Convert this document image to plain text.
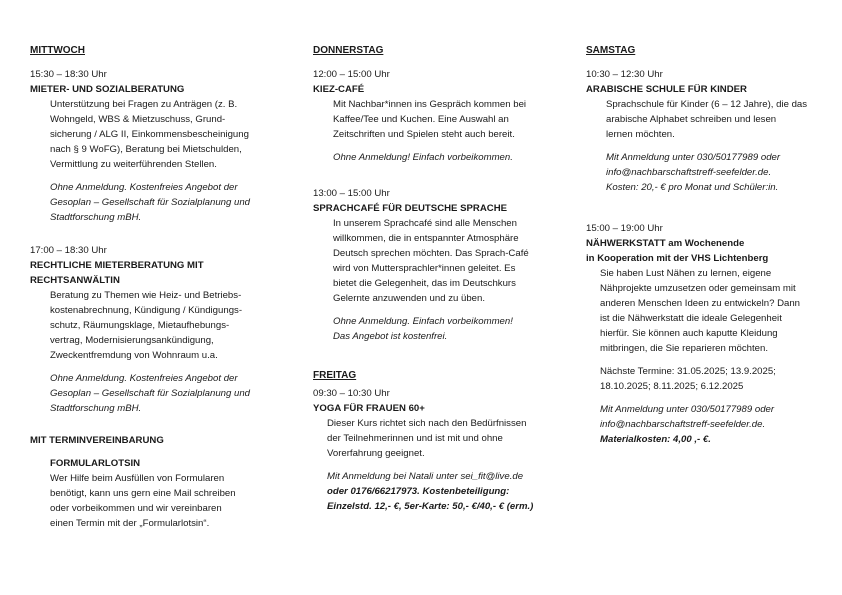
MITTWOCH

15:30 – 18:30 Uhr

MIETER- UND SOZIALBERATUNG

Unterstützung bei Fragen zu Anträgen (z. B.

Wohngeld, WBS & Mietzuschuss, Grund-

sicherung / ALG II, Einkommensbescheinigung

nach § 9 WoFG), Beratung bei Mietschulden,

Vermittlung zu weiterführenden Stellen.

Ohne Anmeldung. Kostenfreies Angebot der

Gesoplan – Gesellschaft für Sozialplanung und

Stadtforschung mBH.

17:00 – 18:30 Uhr

RECHTLICHE MIETERBERATUNG MIT

RECHTSANWÄLTIN

Beratung zu Themen wie Heiz- und Betriebs-

kostenabrechnung, Kündigung / Kündigungs-

schutz, Räumungsklage, Mietaufhebungs-

vertrag, Modernisierungsankündigung,

Zweckentfremdung von Wohnraum u.a.

Ohne Anmeldung. Kostenfreies Angebot der

Gesoplan – Gesellschaft für Sozialplanung und

Stadtforschung mBH.

MIT TERMINVEREINBARUNG

FORMULARLOTSIN

Wer Hilfe beim Ausfüllen von Formularen

benötigt, kann uns gern eine Mail schreiben

oder vorbeikommen und wir vereinbaren

einen Termin mit der „Formularlotsin“.

DONNERSTAG

12:00 – 15:00 Uhr

KIEZ-CAFÉ

Mit Nachbar*innen ins Gespräch kommen bei

Kaffee/Tee und Kuchen. Eine Auswahl an

Zeitschriften und Spielen steht auch bereit.

Ohne Anmeldung! Einfach vorbeikommen.

13:00 – 15:00 Uhr

SPRACHCAFÉ FÜR DEUTSCHE SPRACHE

In unserem Sprachcafé sind alle Menschen

willkommen, die in entspannter Atmosphäre

Deutsch sprechen möchten. Das Sprach-Café

wird von Muttersprachler*innen geleitet. Es

bietet die Gelegenheit, das im Deutschkurs

Gelernte anzuwenden und zu üben.

Ohne Anmeldung. Einfach vorbeikommen!

Das Angebot ist kostenfrei.

FREITAG

09:30 – 10:30 Uhr

YOGA FÜR FRAUEN 60+

Dieser Kurs richtet sich nach den Bedürfnissen

der Teilnehmerinnen und ist mit und ohne

Vorerfahrung geeignet.

Mit Anmeldung bei Natali unter sei_fit@live.de

oder 0176/66217973. Kostenbeteiligung:

Einzelstd. 12,- €, 5er-Karte: 50,- €/40,- € (erm.)

SAMSTAG

10:30 – 12:30 Uhr

ARABISCHE SCHULE FÜR KINDER

Sprachschule für Kinder (6 – 12 Jahre), die das

arabische Alphabet schreiben und lesen

lernen möchten.

Mit Anmeldung unter 030/50177989 oder

info@nachbarschaftstreff-seefelder.de.

Kosten: 20,- € pro Monat und Schüler:in.

15:00 – 19:00 Uhr

NÄHWERKSTATT am Wochenende

in Kooperation mit der VHS Lichtenberg

Sie haben Lust Nähen zu lernen, eigene

Nähprojekte umzusetzen oder gemeinsam mit

anderen Menschen Ideen zu entwickeln? Dann

ist die Nähwerkstatt die ideale Gelegenheit

hierfür. Sie können auch kaputte Kleidung

mitbringen, die Sie reparieren möchten.

Nächste Termine: 31.05.2025; 13.9.2025;

18.10.2025; 8.11.2025; 6.12.2025

Mit Anmeldung unter 030/50177989 oder

info@nachbarschaftstreff-seefelder.de.

Materialkosten: 4,00 ,- €.
